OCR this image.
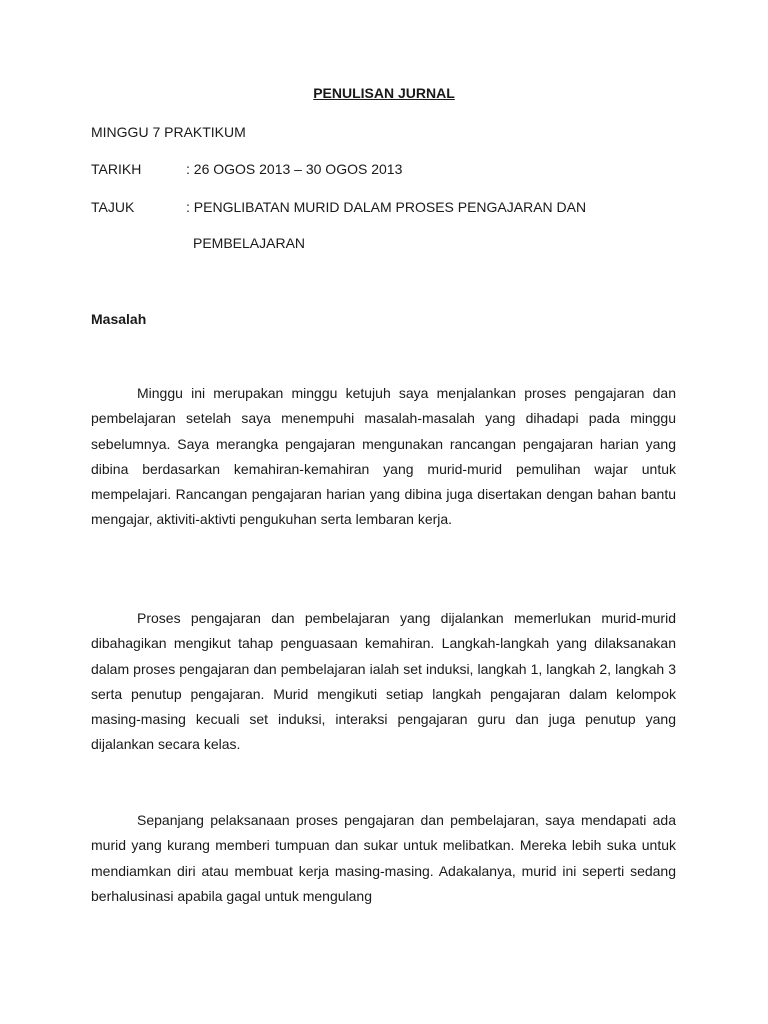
PENULISAN JURNAL
MINGGU 7 PRAKTIKUM
TARIKH	: 26 OGOS 2013 – 30 OGOS 2013
TAJUK	: PENGLIBATAN MURID DALAM PROSES PENGAJARAN DAN
PEMBELAJARAN
Masalah

Minggu ini merupakan minggu ketujuh saya menjalankan proses pengajaran dan pembelajaran setelah saya menempuhi masalah-masalah yang dihadapi pada minggu sebelumnya. Saya merangka pengajaran mengunakan rancangan pengajaran harian yang dibina berdasarkan kemahiran-kemahiran yang murid-murid pemulihan wajar untuk mempelajari. Rancangan pengajaran harian yang dibina juga disertakan dengan bahan bantu mengajar, aktiviti-aktivti pengukuhan serta lembaran kerja.

Proses pengajaran dan pembelajaran yang dijalankan memerlukan murid-murid dibahagikan mengikut tahap penguasaan kemahiran. Langkah-langkah yang dilaksanakan dalam proses pengajaran dan pembelajaran ialah set induksi, langkah 1, langkah 2, langkah 3 serta penutup pengajaran. Murid mengikuti setiap langkah pengajaran dalam kelompok masing-masing kecuali set induksi, interaksi pengajaran guru dan juga penutup yang dijalankan secara kelas.

Sepanjang pelaksanaan proses pengajaran dan pembelajaran, saya mendapati ada murid yang kurang memberi tumpuan dan sukar untuk melibatkan. Mereka lebih suka untuk mendiamkan diri atau membuat kerja masing-masing. Adakalanya, murid ini seperti sedang berhalusinasi apabila gagal untuk mengulang
